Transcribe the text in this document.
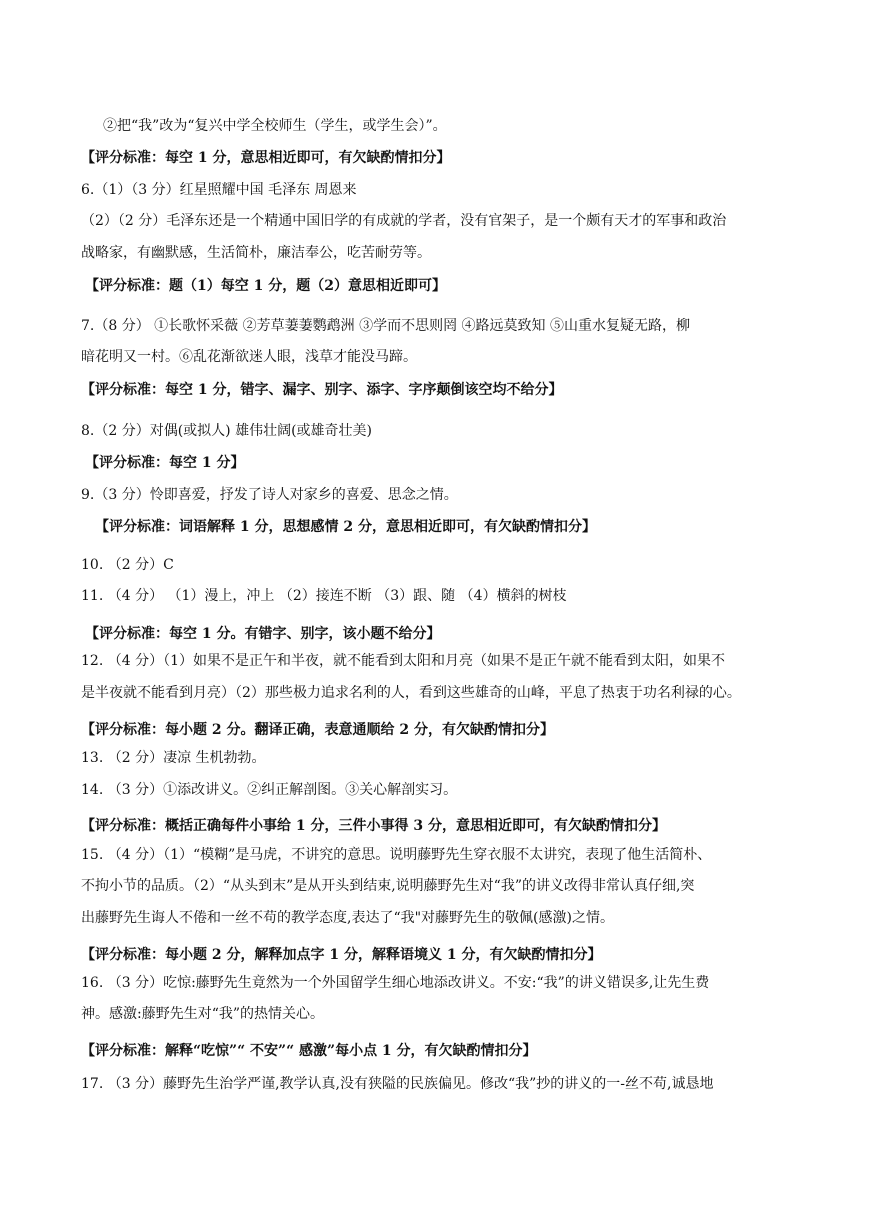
②把“我”改为“复兴中学全校师生（学生，或学生会）”。
【评分标准：每空 1 分，意思相近即可，有欠缺酌情扣分】
6.（1）（3 分）红星照耀中国 毛泽东 周恩来
（2）（2 分）毛泽东还是一个精通中国旧学的有成就的学者，没有官架子，是一个颇有天才的军事和政治
战略家，有幽默感，生活简朴，廉洁奉公，吃苦耐劳等。
【评分标准：题（1）每空 1 分，题（2）意思相近即可】
7.（8 分） ①长歌怀采薇 ②芳草萋萋鹦鹉洲 ③学而不思则罔 ④路远莫致知 ⑤山重水复疑无路，柳
暗花明又一村。⑥乱花渐欲迷人眼，浅草才能没马蹄。
【评分标准：每空 1 分，错字、漏字、别字、添字、字序颠倒该空均不给分】
8.（2 分）对偶(或拟人) 雄伟壮阔(或雄奇壮美)
【评分标准：每空 1 分】
9.（3 分）怜即喜爱，抒发了诗人对家乡的喜爱、思念之情。
【评分标准：词语解释 1 分，思想感情 2 分，意思相近即可，有欠缺酌情扣分】
10. （2 分）C
11. （4 分） （1）漫上，冲上 （2）接连不断 （3）跟、随 （4）横斜的树枝
【评分标准：每空 1 分。有错字、别字，该小题不给分】
12. （4 分）（1）如果不是正午和半夜，就不能看到太阳和月亮（如果不是正午就不能看到太阳，如果不
是半夜就不能看到月亮）（2）那些极力追求名利的人，看到这些雄奇的山峰，平息了热衷于功名利禄的心。
【评分标准：每小题 2 分。翻译正确，表意通顺给 2 分，有欠缺酌情扣分】
13. （2 分）凄凉 生机勃勃。
14. （3 分）①添改讲义。②纠正解剖图。③关心解剖实习。
【评分标准：概括正确每件小事给 1 分，三件小事得 3 分，意思相近即可，有欠缺酌情扣分】
15. （4 分）（1）“模糊”是马虎，不讲究的意思。说明藤野先生穿衣服不太讲究，表现了他生活简朴、
不拘小节的品质。（2）“从头到末”是从开头到结束,说明藤野先生对“我”的讲义改得非常认真仔细,突
出藤野先生诲人不倦和一丝不苟的教学态度,表达了“我"对藤野先生的敬佩(感激)之情。
【评分标准：每小题 2 分，解释加点字 1 分，解释语境义 1 分，有欠缺酌情扣分】
16. （3 分）吃惊:藤野先生竟然为一个外国留学生细心地添改讲义。不安:“我”的讲义错误多,让先生费
神。感激:藤野先生对“我”的热情关心。
【评分标准：解释“吃惊”“ 不安”“ 感激”每小点 1 分，有欠缺酌情扣分】
17. （3 分）藤野先生治学严谨,教学认真,没有狭隘的民族偏见。修改“我”抄的讲义的一-丝不苟,诚恳地
